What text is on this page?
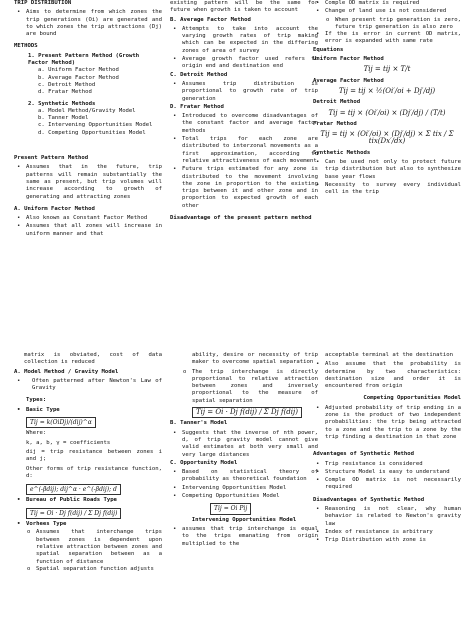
TRIP DISTRIBUTION
• Aims to determine from which zones the trip generations (Oi) are generated and to which zones the trip attractions (Dj) are bound
METHODS
1. Present Pattern Method (Growth Factor Method)
a. Uniform Factor Method
b. Average Factor Method
c. Detroit Method
d. Fratar Method
2. Synthetic Methods
a. Model Method/Gravity Model
b. Tanner Model
c. Intervening Opportunities Model
d. Competing Opportunities Model
Present Pattern Method
• Assumes that in the future, trip patterns will remain substantially the same as present, but trip volumes will increase according to growth of generating and attracting zones
A. Uniform Factor Method
• Also known as Constant Factor Method
• Assumes that all zones will increase in uniform manner and that
existing pattern will be the same for future when growth is taken to account
B. Average Factor Method
• Attempts to take into account the varying growth rates of trip making which can be expected in the differing zones of area of survey
• Average growth factor used refers to origin end and destination end
C. Detroit Method
• Assumes trip distribution is proportional to growth rate of trip generation
D. Fratar Method
• Introduced to overcome disadvantages of the constant factor and average factor methods
• Total trips for each zone are distributed to interzonal movements as a first approximation, according to relative attractiveness of each movement
• Future trips estimated for any zone is distributed to the movement involving the zone in proportion to the existing trips between it and other zone and in proportion to expected growth of each other
Disadvantage of the present pattern method
• Comple OD matrix is required
• Change of land use is not considered
o When present trip generation is zero, future trip generation is also zero
• If the is error in current OD matrix, error is expanded with same rate
Equations
Uniform Factor Method
Tij = tij × T/t
Average Factor Method
Tij = tij × ½(Oi′/oi + Dj′/dj)
Detroit Method
Tij = tij × (Oi′/oi) × (Dj′/dj) / (T/t)
Fratar Method
Tij = tij × (Oi′/oi) × (Dj′/dj) × Σ tix / Σ tix(Dx′/dx)
Synthetic Methods
• Can be used not only to protect future trip distribution but also to synthesize base year flows
• Necessity to survey every individual cell in the trip
matrix is obviated, cost of data collection is reduced
A. Model Method / Gravity Model
• Often patterned after Newton's Law of Gravity
Types:
• Basic Type
Tij = k(OiDj)/(dij)^α
Where:
k, a, b, γ = coefficients
dij = trip resistance between zones i and j;
Other forms of trip resistance function, d:
e^(-βdij); dij^α · e^(-βdij); d
• Bureau of Public Roads Type
Tij = Oi · Dj f(dij) / Σ Dj f(dij)
• Vorhees Type
o Assumes that interchange trips between zones is dependent upon relative attraction between zones and spatial separation between as a function of distance
o Spatial separation function adjusts
ability, desire or necessity of trip maker to overcome spatial separation
o The trip interchange is directly proportional to relative attraction between zones and inversely proportional to the measure of spatial separation
Tij = Oi · Dj f(dij) / Σ Dj f(dij)
B. Tanner's Model
• Suggests that the inverse of nth power, d, of trip gravity model cannot give valid estimates at both very small and very large distances
C. Opportunity Model
• Based on statistical theory of probability as theoretical foundation
• Intervening Opportunities Model
• Competing Opportunities Model
Tij = Oi Pij
Intervening Opportunities Model
• assumes that trip interchange is equal to the trips emanating from origin multiplied to the
acceptable terminal at the destination
• Also assume that the probability is determine by two characteristics: destination size and order it is encountered from origin
Competing Opportunities Model
• Adjusted probability of trip ending in a zone is the product of two independent probabilities: the trip being attracted to a zone and the trip to a zone by the trip finding a destination in that zone
Advantages of Synthetic Method
• Trip resistance is considered
• Structure Model is easy to understand
• Comple OD matrix is not necessarily required
Disadvantages of Synthetic Method
• Reasoning is not clear, why human behavior is related to Newton's gravity law
• Index of resistance is arbitrary
• Trip Distribution with zone is
